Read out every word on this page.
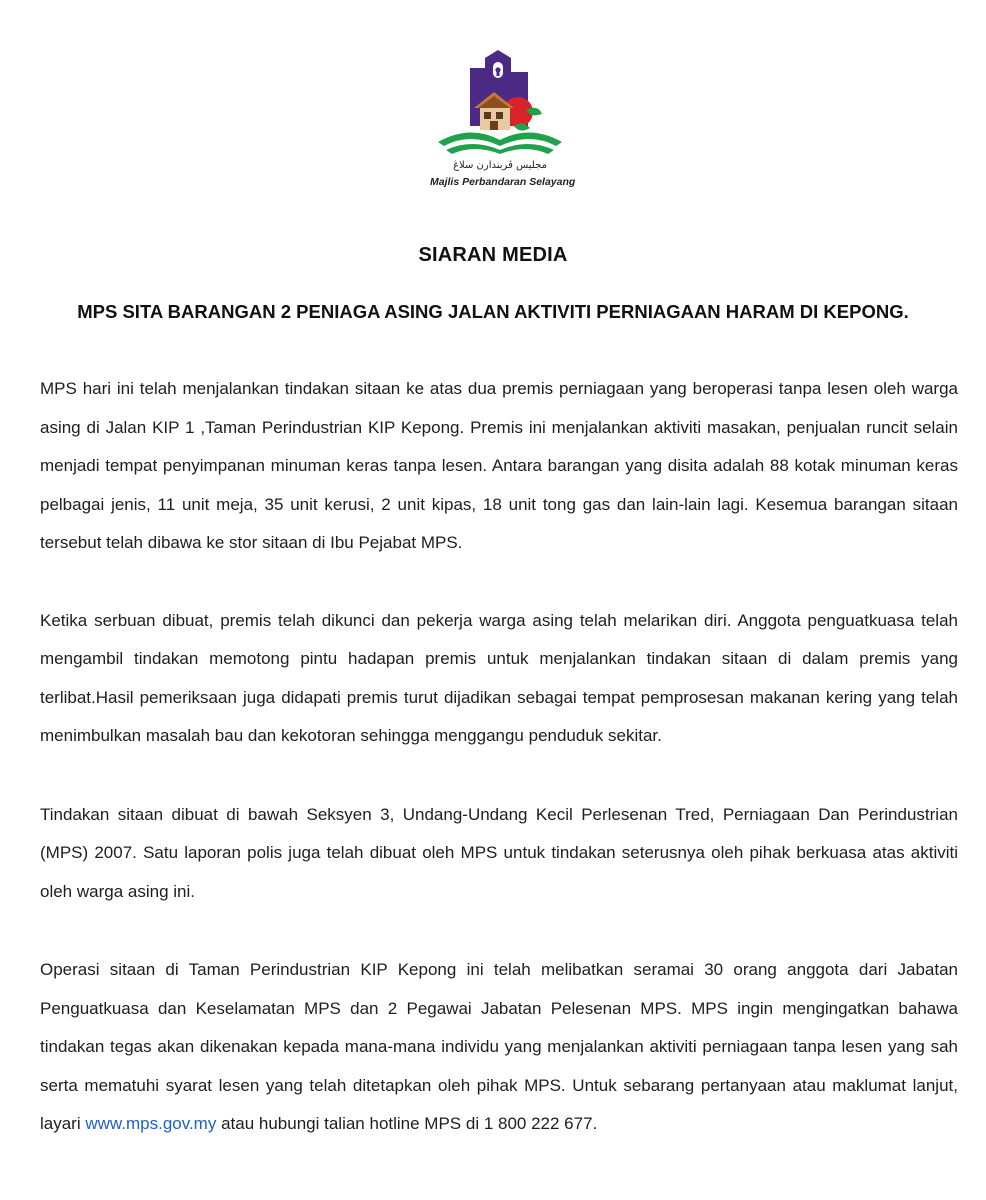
مجليس ڤربندارن سلاڠ
Majlis Perbandaran Selayang
SIARAN MEDIA
MPS SITA BARANGAN 2 PENIAGA ASING JALAN AKTIVITI PERNIAGAAN HARAM DI KEPONG.

MPS hari ini telah menjalankan tindakan sitaan ke atas dua premis perniagaan yang beroperasi tanpa lesen oleh warga asing di Jalan KIP 1 ,Taman Perindustrian KIP Kepong. Premis ini menjalankan aktiviti masakan, penjualan runcit selain menjadi tempat penyimpanan minuman keras tanpa lesen. Antara barangan yang disita adalah 88 kotak minuman keras pelbagai jenis, 11 unit meja, 35 unit kerusi, 2 unit kipas, 18 unit tong gas dan lain-lain lagi. Kesemua barangan sitaan tersebut telah dibawa ke stor sitaan di Ibu Pejabat MPS.

Ketika serbuan dibuat, premis telah dikunci dan pekerja warga asing telah melarikan diri. Anggota penguatkuasa telah mengambil tindakan memotong pintu hadapan premis untuk menjalankan tindakan sitaan di dalam premis yang terlibat.Hasil pemeriksaan juga didapati premis turut dijadikan sebagai tempat pemprosesan makanan kering yang telah menimbulkan masalah bau dan kekotoran sehingga menggangu penduduk sekitar.

Tindakan sitaan dibuat di bawah Seksyen 3, Undang-Undang Kecil Perlesenan Tred, Perniagaan Dan Perindustrian (MPS) 2007. Satu laporan polis juga telah dibuat oleh MPS untuk tindakan seterusnya oleh pihak berkuasa atas aktiviti oleh warga asing ini.

Operasi sitaan di Taman Perindustrian KIP Kepong ini telah melibatkan seramai 30 orang anggota dari Jabatan Penguatkuasa dan Keselamatan MPS dan 2 Pegawai Jabatan Pelesenan MPS. MPS ingin mengingatkan bahawa tindakan tegas akan dikenakan kepada mana-mana individu yang menjalankan aktiviti perniagaan tanpa lesen yang sah serta mematuhi syarat lesen yang telah ditetapkan oleh pihak MPS. Untuk sebarang pertanyaan atau maklumat lanjut, layari www.mps.gov.my atau hubungi talian hotline MPS di 1 800 222 677.
